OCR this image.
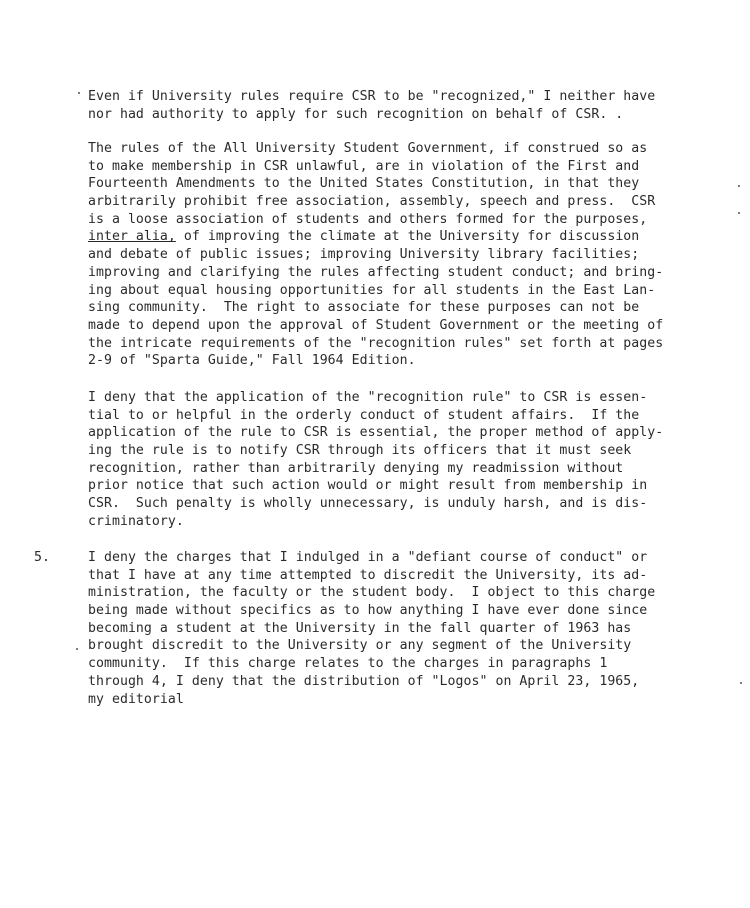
Even if University rules require CSR to be "recognized," I neither have
nor had authority to apply for such recognition on behalf of CSR. .
The rules of the All University Student Government, if construed so as
to make membership in CSR unlawful, are in violation of the First and
Fourteenth Amendments to the United States Constitution, in that they
arbitrarily prohibit free association, assembly, speech and press.  CSR
is a loose association of students and others formed for the purposes,
inter alia, of improving the climate at the University for discussion
and debate of public issues; improving University library facilities;
improving and clarifying the rules affecting student conduct; and bring-
ing about equal housing opportunities for all students in the East Lan-
sing community.  The right to associate for these purposes can not be
made to depend upon the approval of Student Government or the meeting of
the intricate requirements of the "recognition rules" set forth at pages
2-9 of "Sparta Guide," Fall 1964 Edition.
I deny that the application of the "recognition rule" to CSR is essen-
tial to or helpful in the orderly conduct of student affairs.  If the
application of the rule to CSR is essential, the proper method of apply-
ing the rule is to notify CSR through its officers that it must seek
recognition, rather than arbitrarily denying my readmission without
prior notice that such action would or might result from membership in
CSR.  Such penalty is wholly unnecessary, is unduly harsh, and is dis-
criminatory.
5.	I deny the charges that I indulged in a "defiant course of conduct" or
that I have at any time attempted to discredit the University, its ad-
ministration, the faculty or the student body.  I object to this charge
being made without specifics as to how anything I have ever done since
becoming a student at the University in the fall quarter of 1963 has
brought discredit to the University or any segment of the University
community.  If this charge relates to the charges in paragraphs 1
through 4, I deny that the distribution of "Logos" on April 23, 1965,
my editorial
